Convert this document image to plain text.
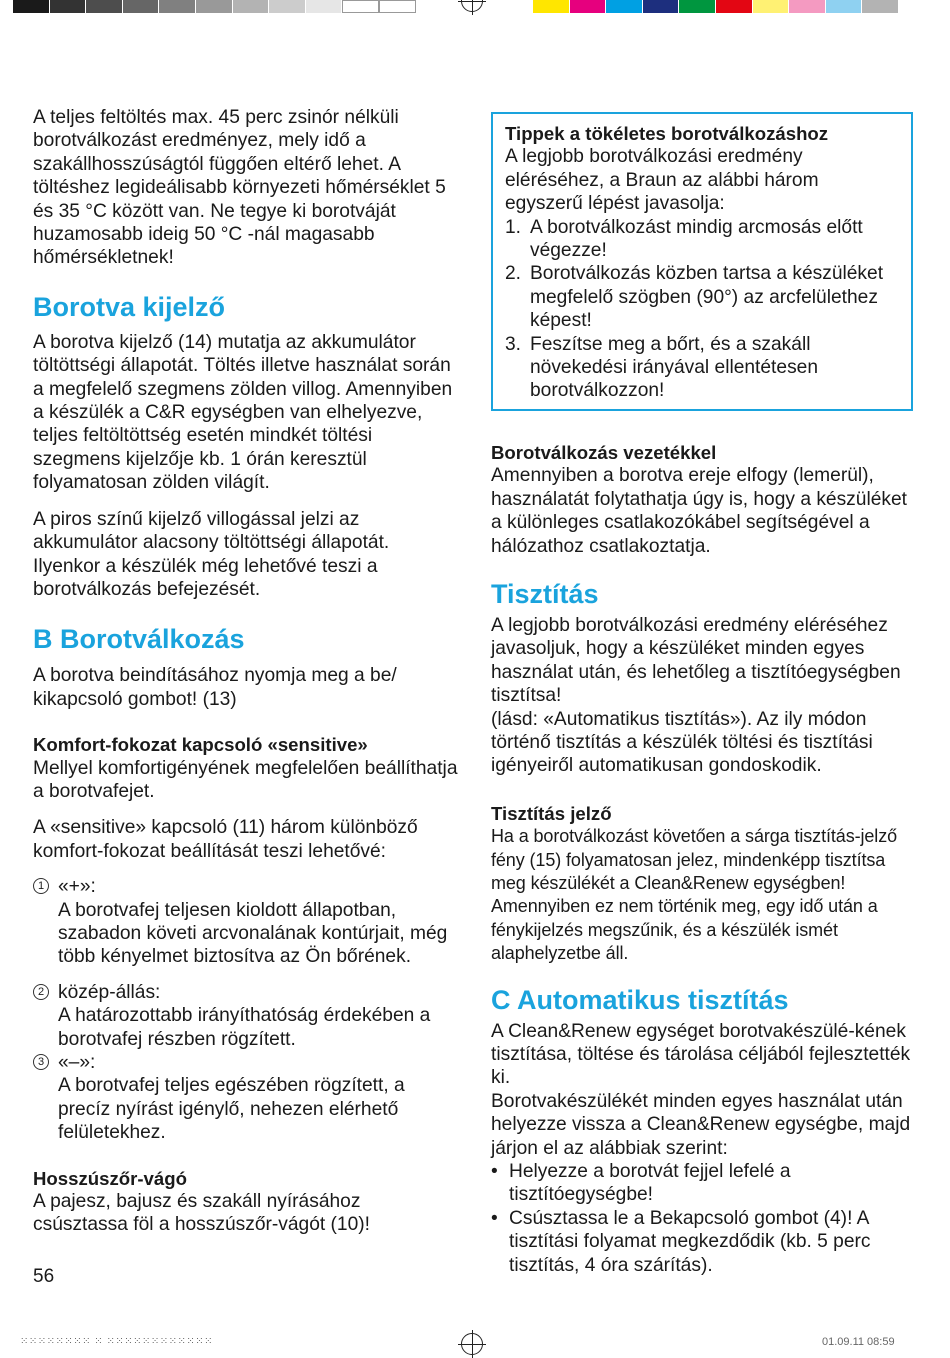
A teljes feltöltés max. 45 perc zsinór nélküli borotválkozást eredményez, mely idő a szakállhosszúságtól függően eltérő lehet. A töltéshez legideálisabb környezeti hőmérséklet 5 és 35 °C között van. Ne tegye ki borotváját huzamosabb ideig 50 °C -nál magasabb hőmérsékletnek!

Borotva kijelző

A borotva kijelző (14) mutatja az akkumulátor töltöttségi állapotát. Töltés illetve használat során a megfelelő szegmens zölden villog. Amennyiben a készülék a C&R egységben van elhelyezve, teljes feltöltöttség esetén mindkét töltési szegmens kijelzője kb. 1 órán keresztül folyamatosan zölden világít.

A piros színű kijelző villogással jelzi az akkumulátor alacsony töltöttségi állapotát. Ilyenkor a készülék még lehetővé teszi a borotválkozás befejezését.

B Borotválkozás

A borotva beindításához nyomja meg a be/ kikapcsoló gombot! (13)

Komfort-fokozat kapcsoló «sensitive»

Mellyel komfortigényének megfelelően beállíthatja a borotvafejet.

A «sensitive» kapcsoló (11) három különböző komfort-fokozat beállítását teszi lehetővé:

1 «+»:

A borotvafej teljesen kioldott állapotban, szabadon követi arcvonalának kontúrjait, még több kényelmet biztosítva az Ön bőrének.

2 közép-állás:

A határozottabb irányíthatóság érdekében a borotvafej részben rögzített.

3 «–»:

A borotvafej teljes egészében rögzített, a precíz nyírást igénylő, nehezen elérhető felületekhez.

Hosszúszőr-vágó

A pajesz, bajusz és szakáll nyírásához csúsztassa föl a hosszúszőr-vágót (10)!

Tippek a tökéletes borotválkozáshoz

A legjobb borotválkozási eredmény eléréséhez, a Braun az alábbi három egyszerű lépést javasolja:

1. A borotválkozást mindig arcmosás előtt végezze!
2. Borotválkozás közben tartsa a készüléket megfelelő szögben (90°) az arcfelülethez képest!
3. Feszítse meg a bőrt, és a szakáll növekedési irányával ellentétesen borotválkozzon!
Borotválkozás vezetékkel

Amennyiben a borotva ereje elfogy (lemerül), használatát folytathatja úgy is, hogy a készüléket a különleges csatlakozókábel segítségével a hálózathoz csatlakoztatja.

Tisztítás

A legjobb borotválkozási eredmény eléréséhez javasoljuk, hogy a készüléket minden egyes használat után, és lehetőleg a tisztítóegységben tisztítsa!

(lásd: «Automatikus tisztítás»). Az ily módon történő tisztítás a készülék töltési és tisztítási igényeiről automatikusan gondoskodik.

Tisztítás jelző

Ha a borotválkozást követően a sárga tisztítás-jelző fény (15) folyamatosan jelez, mindenképp tisztítsa meg készülékét a Clean&Renew egységben! Amennyiben ez nem történik meg, egy idő után a fénykijelzés megszűnik, és a készülék ismét alaphelyzetbe áll.

C Automatikus tisztítás

A Clean&Renew egységet borotvakészülé-kének tisztítása, töltése és tárolása céljából fejlesztették ki.

Borotvakészülékét minden egyes használat után helyezze vissza a Clean&Renew egységbe, majd járjon el az alábbiak szerint:

• Helyezze a borotvát fejjel lefelé a tisztítóegységbe!
• Csúsztassa le a Bekapcsoló gombot (4)! A tisztítási folyamat megkezdődik (kb. 5 perc tisztítás, 4 óra szárítás).
56
⁙⁙⁙⁙⁙⁙⁙⁙ ⁙ ⁙⁙⁙⁙⁙⁙⁙⁙⁙⁙⁙⁙	01.09.11 08:59
